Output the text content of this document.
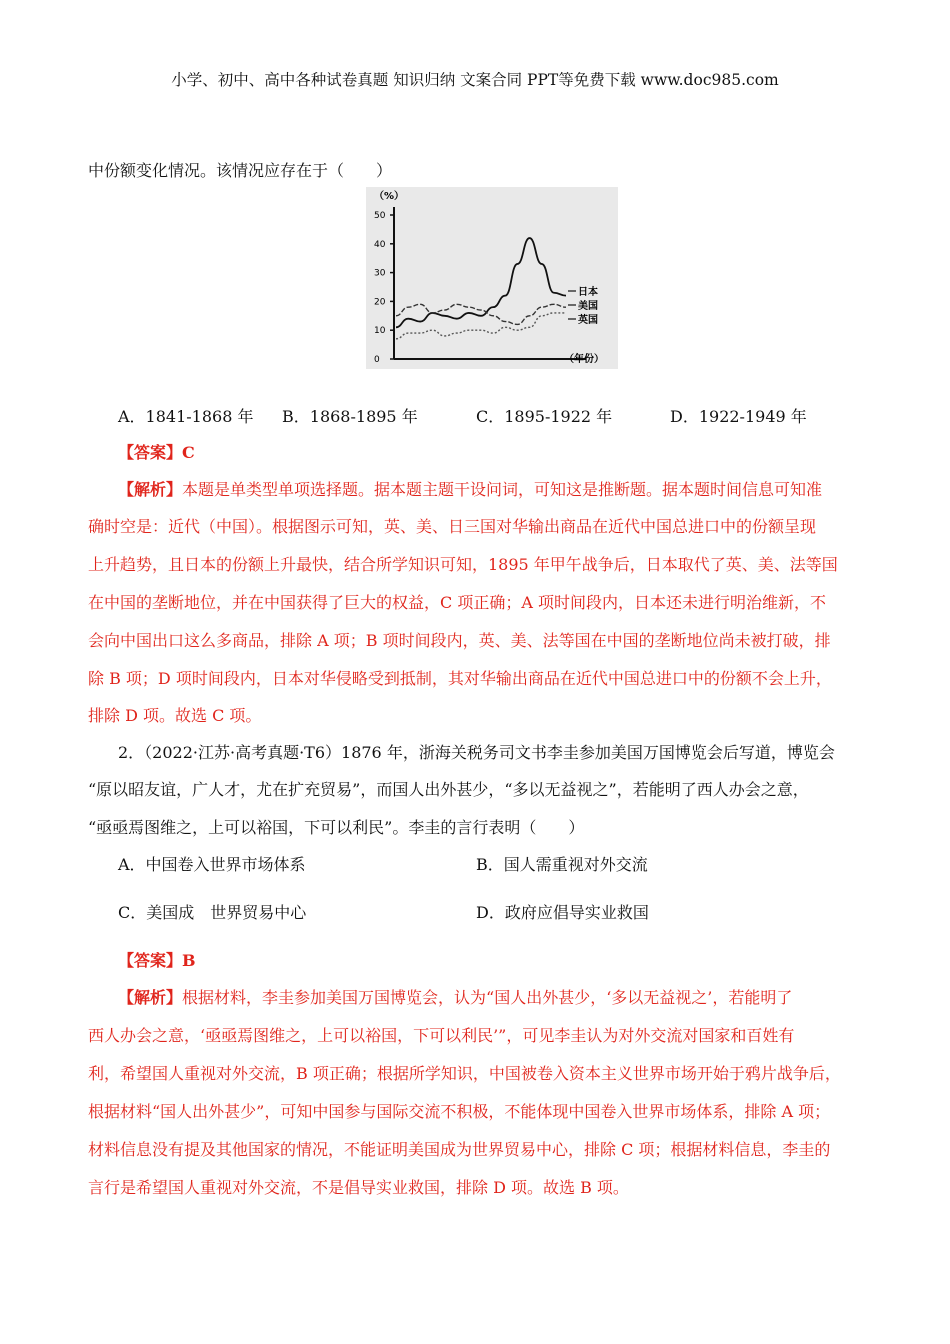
小学、初中、高中各种试卷真题 知识归纳 文案合同 PPT等免费下载 www.doc985.com
中份额变化情况。该情况应存在于（　　）
（%）
（年份）
0
10
20
30
40
50
日本
美国
英国
A．1841-1868 年 B．1868-1895 年	C．1895-1922 年	D．1922-1949 年
【答案】C
【解析】本题是单类型单项选择题。据本题主题干设问词，可知这是推断题。据本题时间信息可知准
确时空是：近代（中国）。根据图示可知，英、美、日三国对华输出商品在近代中国总进口中的份额呈现
上升趋势，且日本的份额上升最快，结合所学知识可知，1895 年甲午战争后，日本取代了英、美、法等国
在中国的垄断地位，并在中国获得了巨大的权益，C 项正确；A 项时间段内，日本还未进行明治维新，不
会向中国出口这么多商品，排除 A 项；B 项时间段内，英、美、法等国在中国的垄断地位尚未被打破，排
除 B 项；D 项时间段内，日本对华侵略受到抵制，其对华输出商品在近代中国总进口中的份额不会上升，
排除 D 项。故选 C 项。
2．（2022·江苏·高考真题·T6）1876 年，浙海关税务司文书李圭参加美国万国博览会后写道，博览会
“原以昭友谊，广人才，尤在扩充贸易”，而国人出外甚少，“多以无益视之”，若能明了西人办会之意，
“亟亟焉图维之，上可以裕国，下可以利民”。李圭的言行表明（　　）
A．中国卷入世界市场体系	B．国人需重视对外交流
C．美国成　世界贸易中心	D．政府应倡导实业救国
【答案】B
【解析】根据材料，李圭参加美国万国博览会，认为“国人出外甚少，‘多以无益视之’，若能明了
西人办会之意，‘亟亟焉图维之，上可以裕国，下可以利民’”，可见李圭认为对外交流对国家和百姓有
利，希望国人重视对外交流，B 项正确；根据所学知识，中国被卷入资本主义世界市场开始于鸦片战争后，
根据材料“国人出外甚少”，可知中国参与国际交流不积极，不能体现中国卷入世界市场体系，排除 A 项；
材料信息没有提及其他国家的情况，不能证明美国成为世界贸易中心，排除 C 项；根据材料信息，李圭的
言行是希望国人重视对外交流，不是倡导实业救国，排除 D 项。故选 B 项。
